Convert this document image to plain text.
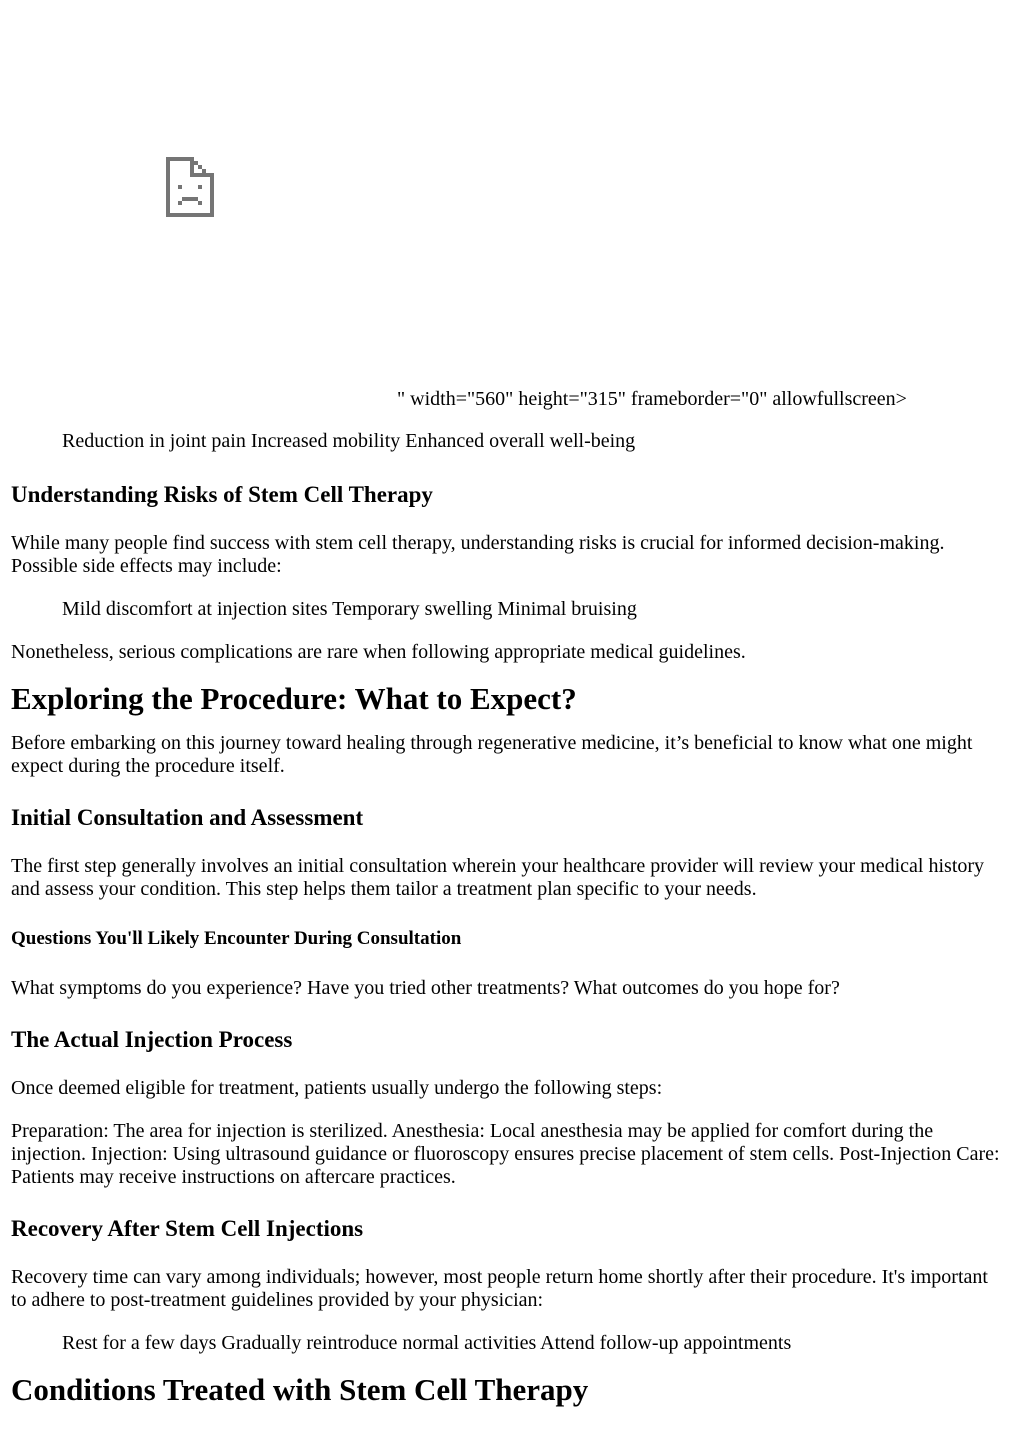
" width="560" height="315" frameborder="0" allowfullscreen>
Reduction in joint pain Increased mobility Enhanced overall well-being
Understanding Risks of Stem Cell Therapy

While many people find success with stem cell therapy, understanding risks is crucial for informed decision-making. Possible side effects may include:

Mild discomfort at injection sites Temporary swelling Minimal bruising

Nonetheless, serious complications are rare when following appropriate medical guidelines.

Exploring the Procedure: What to Expect?

Before embarking on this journey toward healing through regenerative medicine, it’s beneficial to know what one might expect during the procedure itself.

Initial Consultation and Assessment

The first step generally involves an initial consultation wherein your healthcare provider will review your medical history and assess your condition. This step helps them tailor a treatment plan specific to your needs.

Questions You'll Likely Encounter During Consultation

What symptoms do you experience? Have you tried other treatments? What outcomes do you hope for?

The Actual Injection Process

Once deemed eligible for treatment, patients usually undergo the following steps:

Preparation: The area for injection is sterilized. Anesthesia: Local anesthesia may be applied for comfort during the injection. Injection: Using ultrasound guidance or fluoroscopy ensures precise placement of stem cells. Post-Injection Care: Patients may receive instructions on aftercare practices.

Recovery After Stem Cell Injections

Recovery time can vary among individuals; however, most people return home shortly after their procedure. It's important to adhere to post-treatment guidelines provided by your physician:

Rest for a few days Gradually reintroduce normal activities Attend follow-up appointments
Conditions Treated with Stem Cell Therapy
